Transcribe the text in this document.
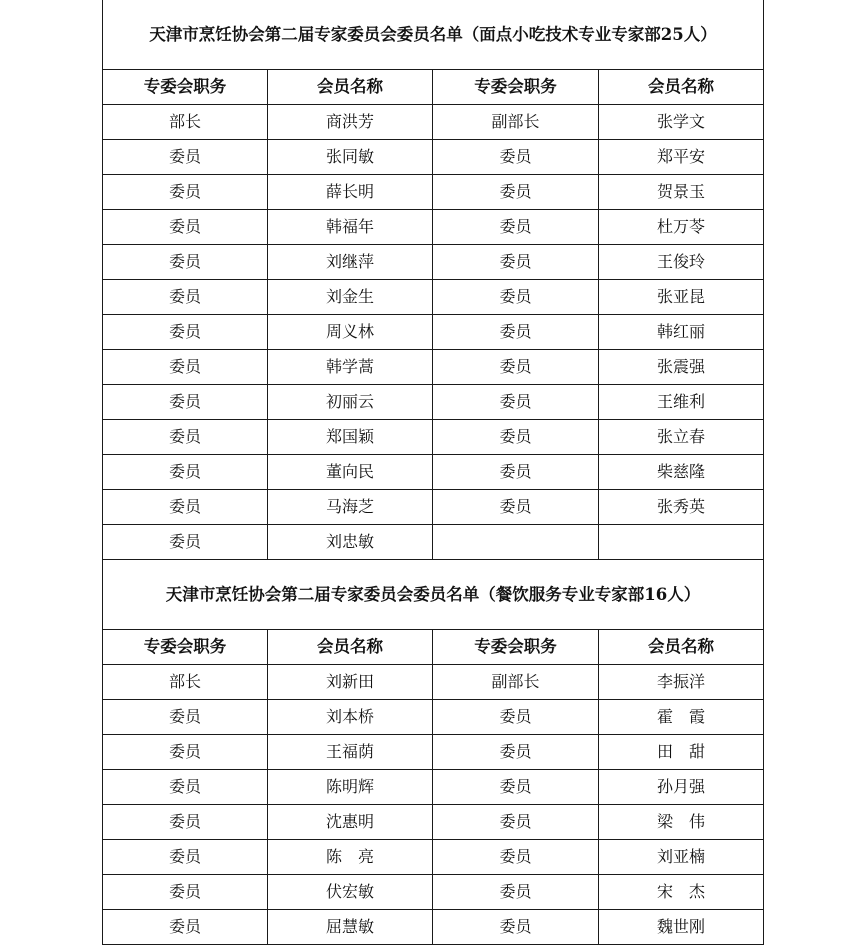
天津市烹饪协会第二届专家委员会委员名单（面点小吃技术专业专家部25人）			
专委会职务	会员名称	专委会职务	会员名称
部长	商洪芳	副部长	张学文
委员	张同敏	委员	郑平安
委员	薛长明	委员	贺景玉
委员	韩福年	委员	杜万苓
委员	刘继萍	委员	王俊玲
委员	刘金生	委员	张亚昆
委员	周义林	委员	韩红丽
委员	韩学蒿	委员	张震强
委员	初丽云	委员	王维利
委员	郑国颖	委员	张立春
委员	董向民	委员	柴慈隆
委员	马海芝	委员	张秀英
委员	刘忠敏		
天津市烹饪协会第二届专家委员会委员名单（餐饮服务专业专家部16人）			
专委会职务	会员名称	专委会职务	会员名称
部长	刘新田	副部长	李振洋
委员	刘本桥	委员	霍　霞
委员	王福荫	委员	田　甜
委员	陈明辉	委员	孙月强
委员	沈惠明	委员	梁　伟
委员	陈　亮	委员	刘亚楠
委员	伏宏敏	委员	宋　杰
委员	屈慧敏	委员	魏世刚
